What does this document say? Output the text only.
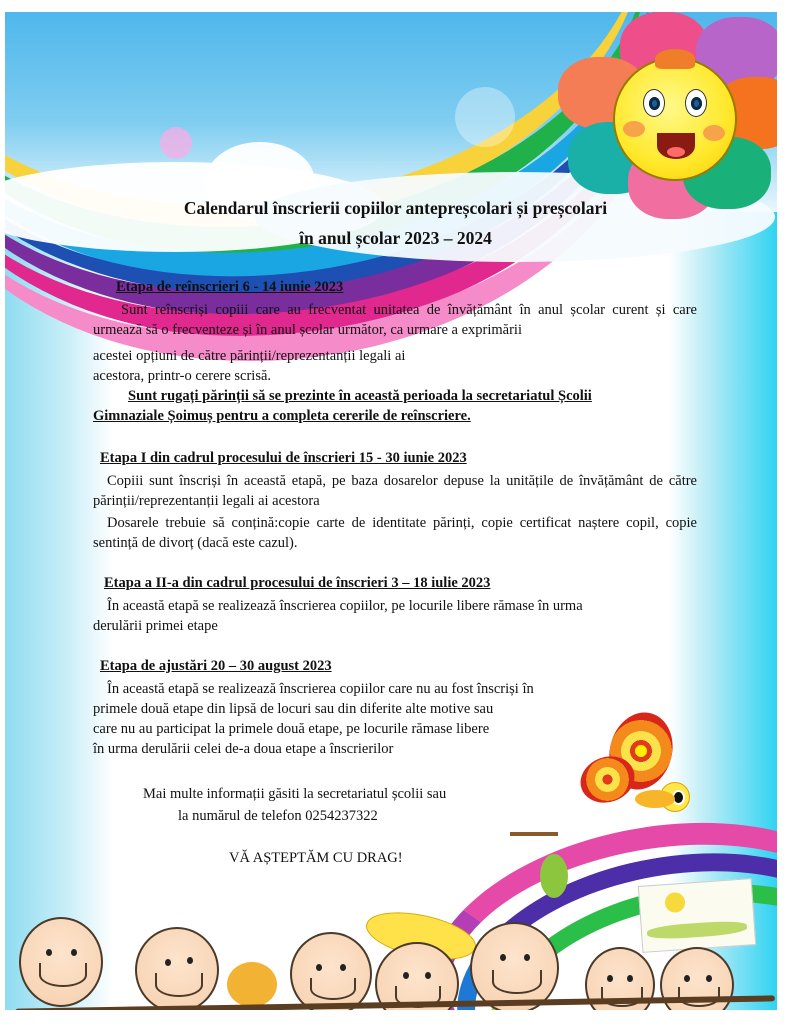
Calendarul înscrierii copiilor antepreșcolari și preșcolari
în anul școlar 2023 – 2024
Etapa de reînscrieri 6 - 14 iunie 2023
Sunt reînscriși copiii care au frecventat unitatea de învățământ în anul școlar curent și care urmează să o frecventeze și în anul școlar următor, ca urmare a exprimării
acestei opțiuni de către părinții/reprezentanții legali ai
acestora, printr-o cerere scrisă.
Sunt rugați părinții să se prezinte în această perioada la secretariatul Școlii
Gimnaziale Șoimuș pentru a completa cererile de reînscriere.
Etapa I din cadrul procesului de înscrieri 15 - 30 iunie 2023
Copiii sunt înscriși în această etapă, pe baza dosarelor depuse la unitățile de învățământ de către părinții/reprezentanții legali ai acestora
Dosarele trebuie să conțină:copie carte de identitate părinți, copie certificat naștere copil, copie sentință de divorț (dacă este cazul).
Etapa a II-a din cadrul procesului de înscrieri 3 – 18 iulie 2023
În această etapă se realizează înscrierea copiilor, pe locurile libere rămase în urma
derulării primei etape
Etapa de ajustări 20 – 30 august 2023
În această etapă se realizează înscrierea copiilor care nu au fost înscriși în
primele două etape din lipsă de locuri sau din diferite alte motive sau
care nu au participat la primele două etape, pe locurile rămase libere
în urma derulării celei de-a doua etape a înscrierilor
Mai multe informații găsiti la secretariatul școlii sau
la numărul de telefon 0254237322
VĂ AȘTEPTĂM CU DRAG!
